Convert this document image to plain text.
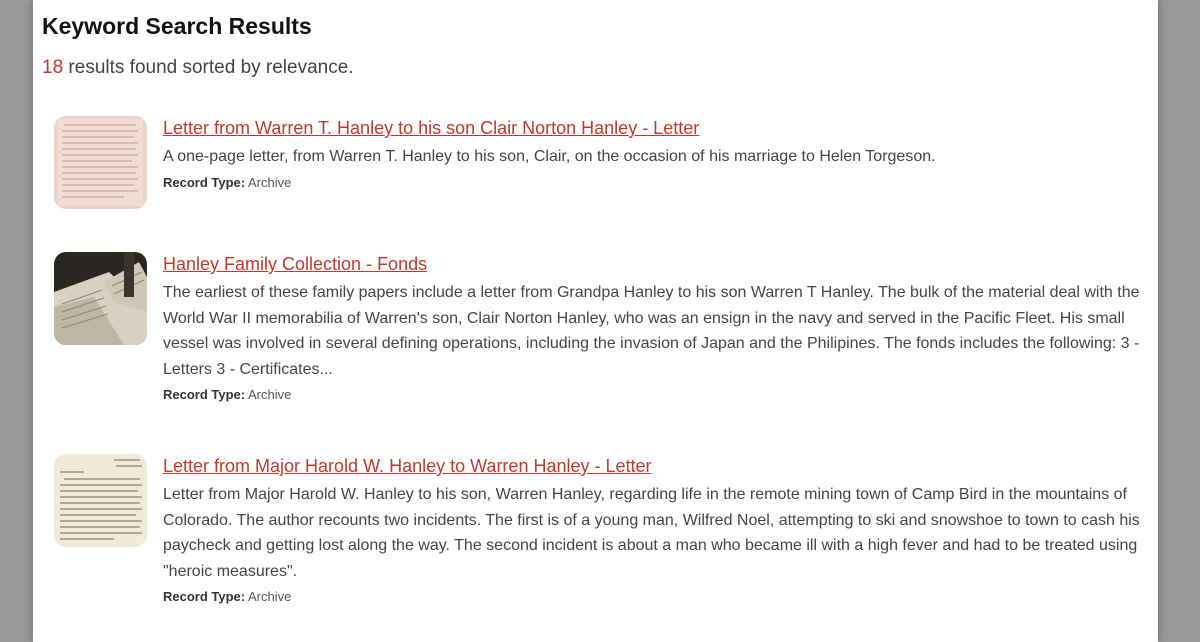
Keyword Search Results
18 results found sorted by relevance.
Letter from Warren T. Hanley to his son Clair Norton Hanley - Letter
A one-page letter, from Warren T. Hanley to his son, Clair, on the occasion of his marriage to Helen Torgeson.
Record Type: Archive
Hanley Family Collection - Fonds
The earliest of these family papers include a letter from Grandpa Hanley to his son Warren T Hanley. The bulk of the material deal with the World War II memorabilia of Warren's son, Clair Norton Hanley, who was an ensign in the navy and served in the Pacific Fleet. His small vessel was involved in several defining operations, including the invasion of Japan and the Philipines. The fonds includes the following: 3 - Letters 3 - Certificates...
Record Type: Archive
Letter from Major Harold W. Hanley to Warren Hanley - Letter
Letter from Major Harold W. Hanley to his son, Warren Hanley, regarding life in the remote mining town of Camp Bird in the mountains of Colorado. The author recounts two incidents. The first is of a young man, Wilfred Noel, attempting to ski and snowshoe to town to cash his paycheck and getting lost along the way. The second incident is about a man who became ill with a high fever and had to be treated using "heroic measures".
Record Type: Archive
